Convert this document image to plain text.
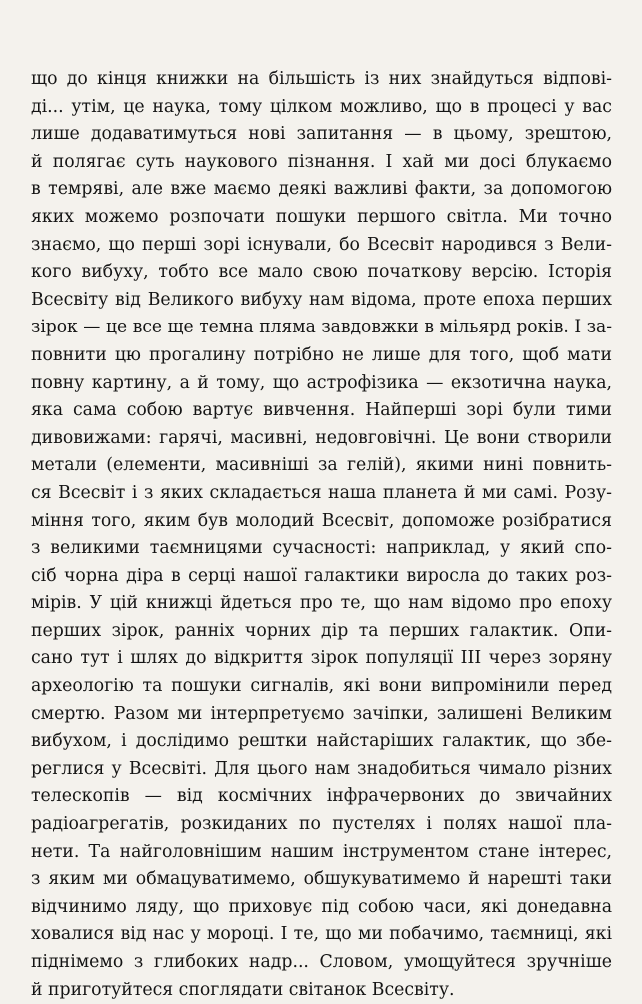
що до кінця книжки на більшість із них знайдуться відпові-
ді... утім, це наука, тому цілком можливо, що в процесі у вас
лише додаватимуться нові запитання — в цьому, зрештою,
й полягає суть наукового пізнання. І хай ми досі блукаємо
в темряві, але вже маємо деякі важливі факти, за допомогою
яких можемо розпочати пошуки першого світла. Ми точно
знаємо, що перші зорі існували, бо Всесвіт народився з Вели-
кого вибуху, тобто все мало свою початкову версію. Історія
Всесвіту від Великого вибуху нам відома, проте епоха перших
зірок — це все ще темна пляма завдовжки в мільярд років. І за-
повнити цю прогалину потрібно не лише для того, щоб мати
повну картину, а й тому, що астрофізика — екзотична наука,
яка сама собою вартує вивчення. Найперші зорі були тими
дивовижами: гарячі, масивні, недовговічні. Це вони створили
метали (елементи, масивніші за гелій), якими нині повнить-
ся Всесвіт і з яких складається наша планета й ми самі. Розу-
міння того, яким був молодий Всесвіт, допоможе розібратися
з великими таємницями сучасності: наприклад, у який спо-
сіб чорна діра в серці нашої галактики виросла до таких роз-
мірів. У цій книжці йдеться про те, що нам відомо про епоху
перших зірок, ранніх чорних дір та перших галактик. Опи-
сано тут і шлях до відкриття зірок популяції III через зоряну
археологію та пошуки сигналів, які вони випромінили перед
смертю. Разом ми інтерпретуємо зачіпки, залишені Великим
вибухом, і дослідимо рештки найстаріших галактик, що збе-
реглися у Всесвіті. Для цього нам знадобиться чимало різних
телескопів — від космічних інфрачервоних до звичайних
радіоагрегатів, розкиданих по пустелях і полях нашої пла-
нети. Та найголовнішим нашим інструментом стане інтерес,
з яким ми обмацуватимемо, обшукуватимемо й нарешті таки
відчинимо ляду, що приховує під собою часи, які донедавна
ховалися від нас у мороці. І те, що ми побачимо, таємниці, які
піднімемо з глибоких надр... Словом, умощуйтеся зручніше
й приготуйтеся споглядати світанок Всесвіту.
